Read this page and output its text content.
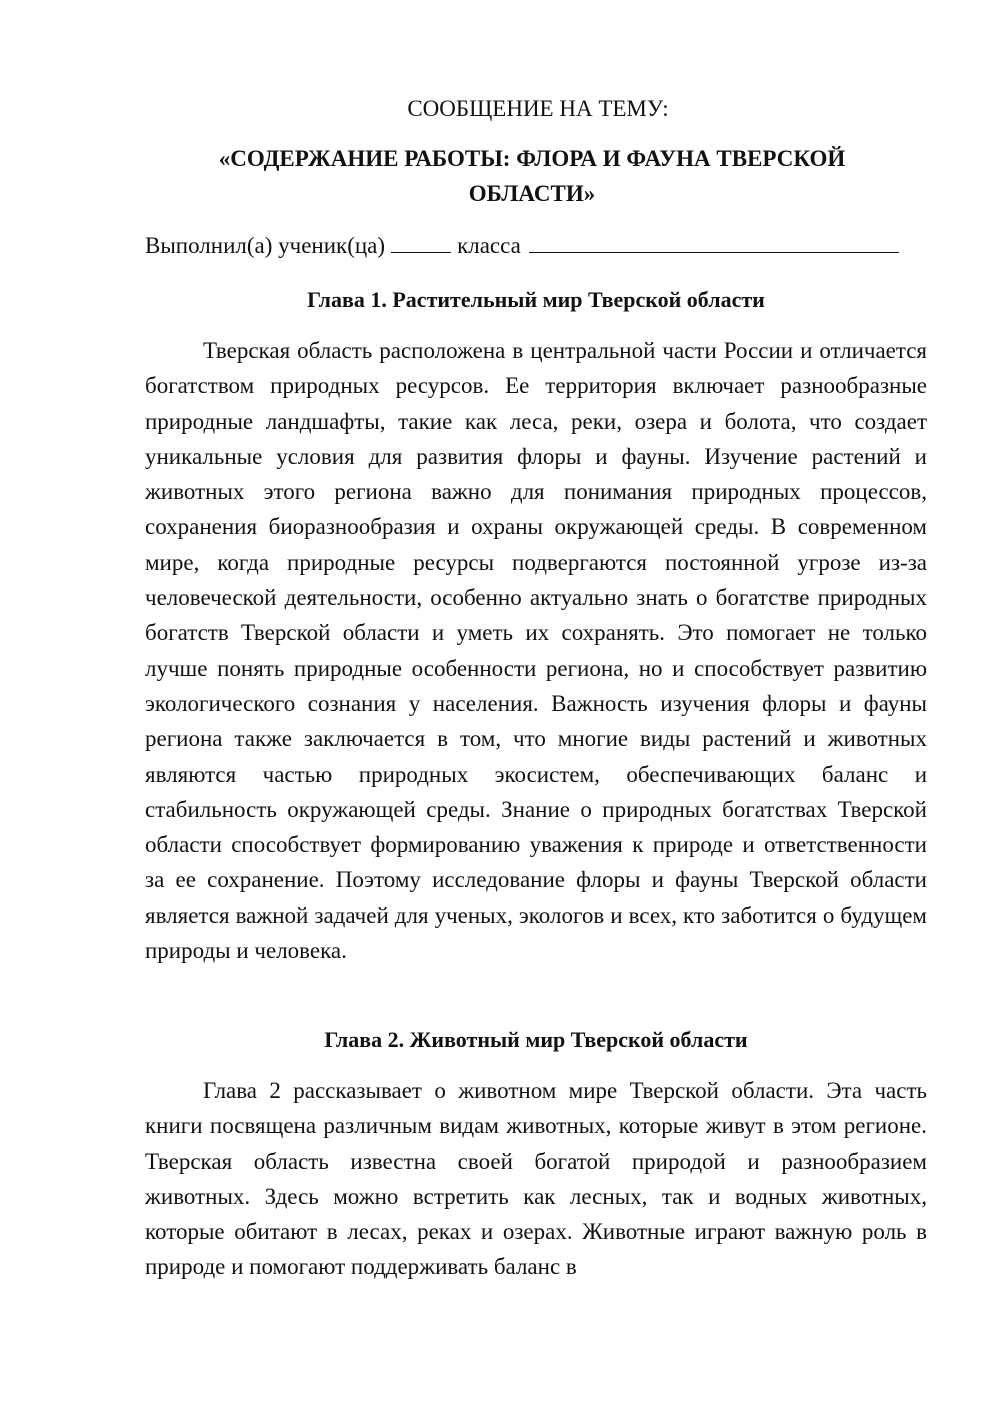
СООБЩЕНИЕ НА ТЕМУ:
«СОДЕРЖАНИЕ РАБОТЫ: ФЛОРА И ФАУНА ТВЕРСКОЙ ОБЛАСТИ»
Выполнил(а) ученик(ца)	класса
Глава 1. Растительный мир Тверской области

Тверская область расположена в центральной части России и отличается богатством природных ресурсов. Ее территория включает разнообразные природные ландшафты, такие как леса, реки, озера и болота, что создает уникальные условия для развития флоры и фауны. Изучение растений и животных этого региона важно для понимания природных процессов, сохранения биоразнообразия и охраны окружающей среды. В современном мире, когда природные ресурсы подвергаются постоянной угрозе из-за человеческой деятельности, особенно актуально знать о богатстве природных богатств Тверской области и уметь их сохранять. Это помогает не только лучше понять природные особенности региона, но и способствует развитию экологического сознания у населения. Важность изучения флоры и фауны региона также заключается в том, что многие виды растений и животных являются частью природных экосистем, обеспечивающих баланс и стабильность окружающей среды. Знание о природных богатствах Тверской области способствует формированию уважения к природе и ответственности за ее сохранение. Поэтому исследование флоры и фауны Тверской области является важной задачей для ученых, экологов и всех, кто заботится о будущем природы и человека.

Глава 2. Животный мир Тверской области

Глава 2 рассказывает о животном мире Тверской области. Эта часть книги посвящена различным видам животных, которые живут в этом регионе. Тверская область известна своей богатой природой и разнообразием животных. Здесь можно встретить как лесных, так и водных животных, которые обитают в лесах, реках и озерах. Животные играют важную роль в природе и помогают поддерживать баланс в
